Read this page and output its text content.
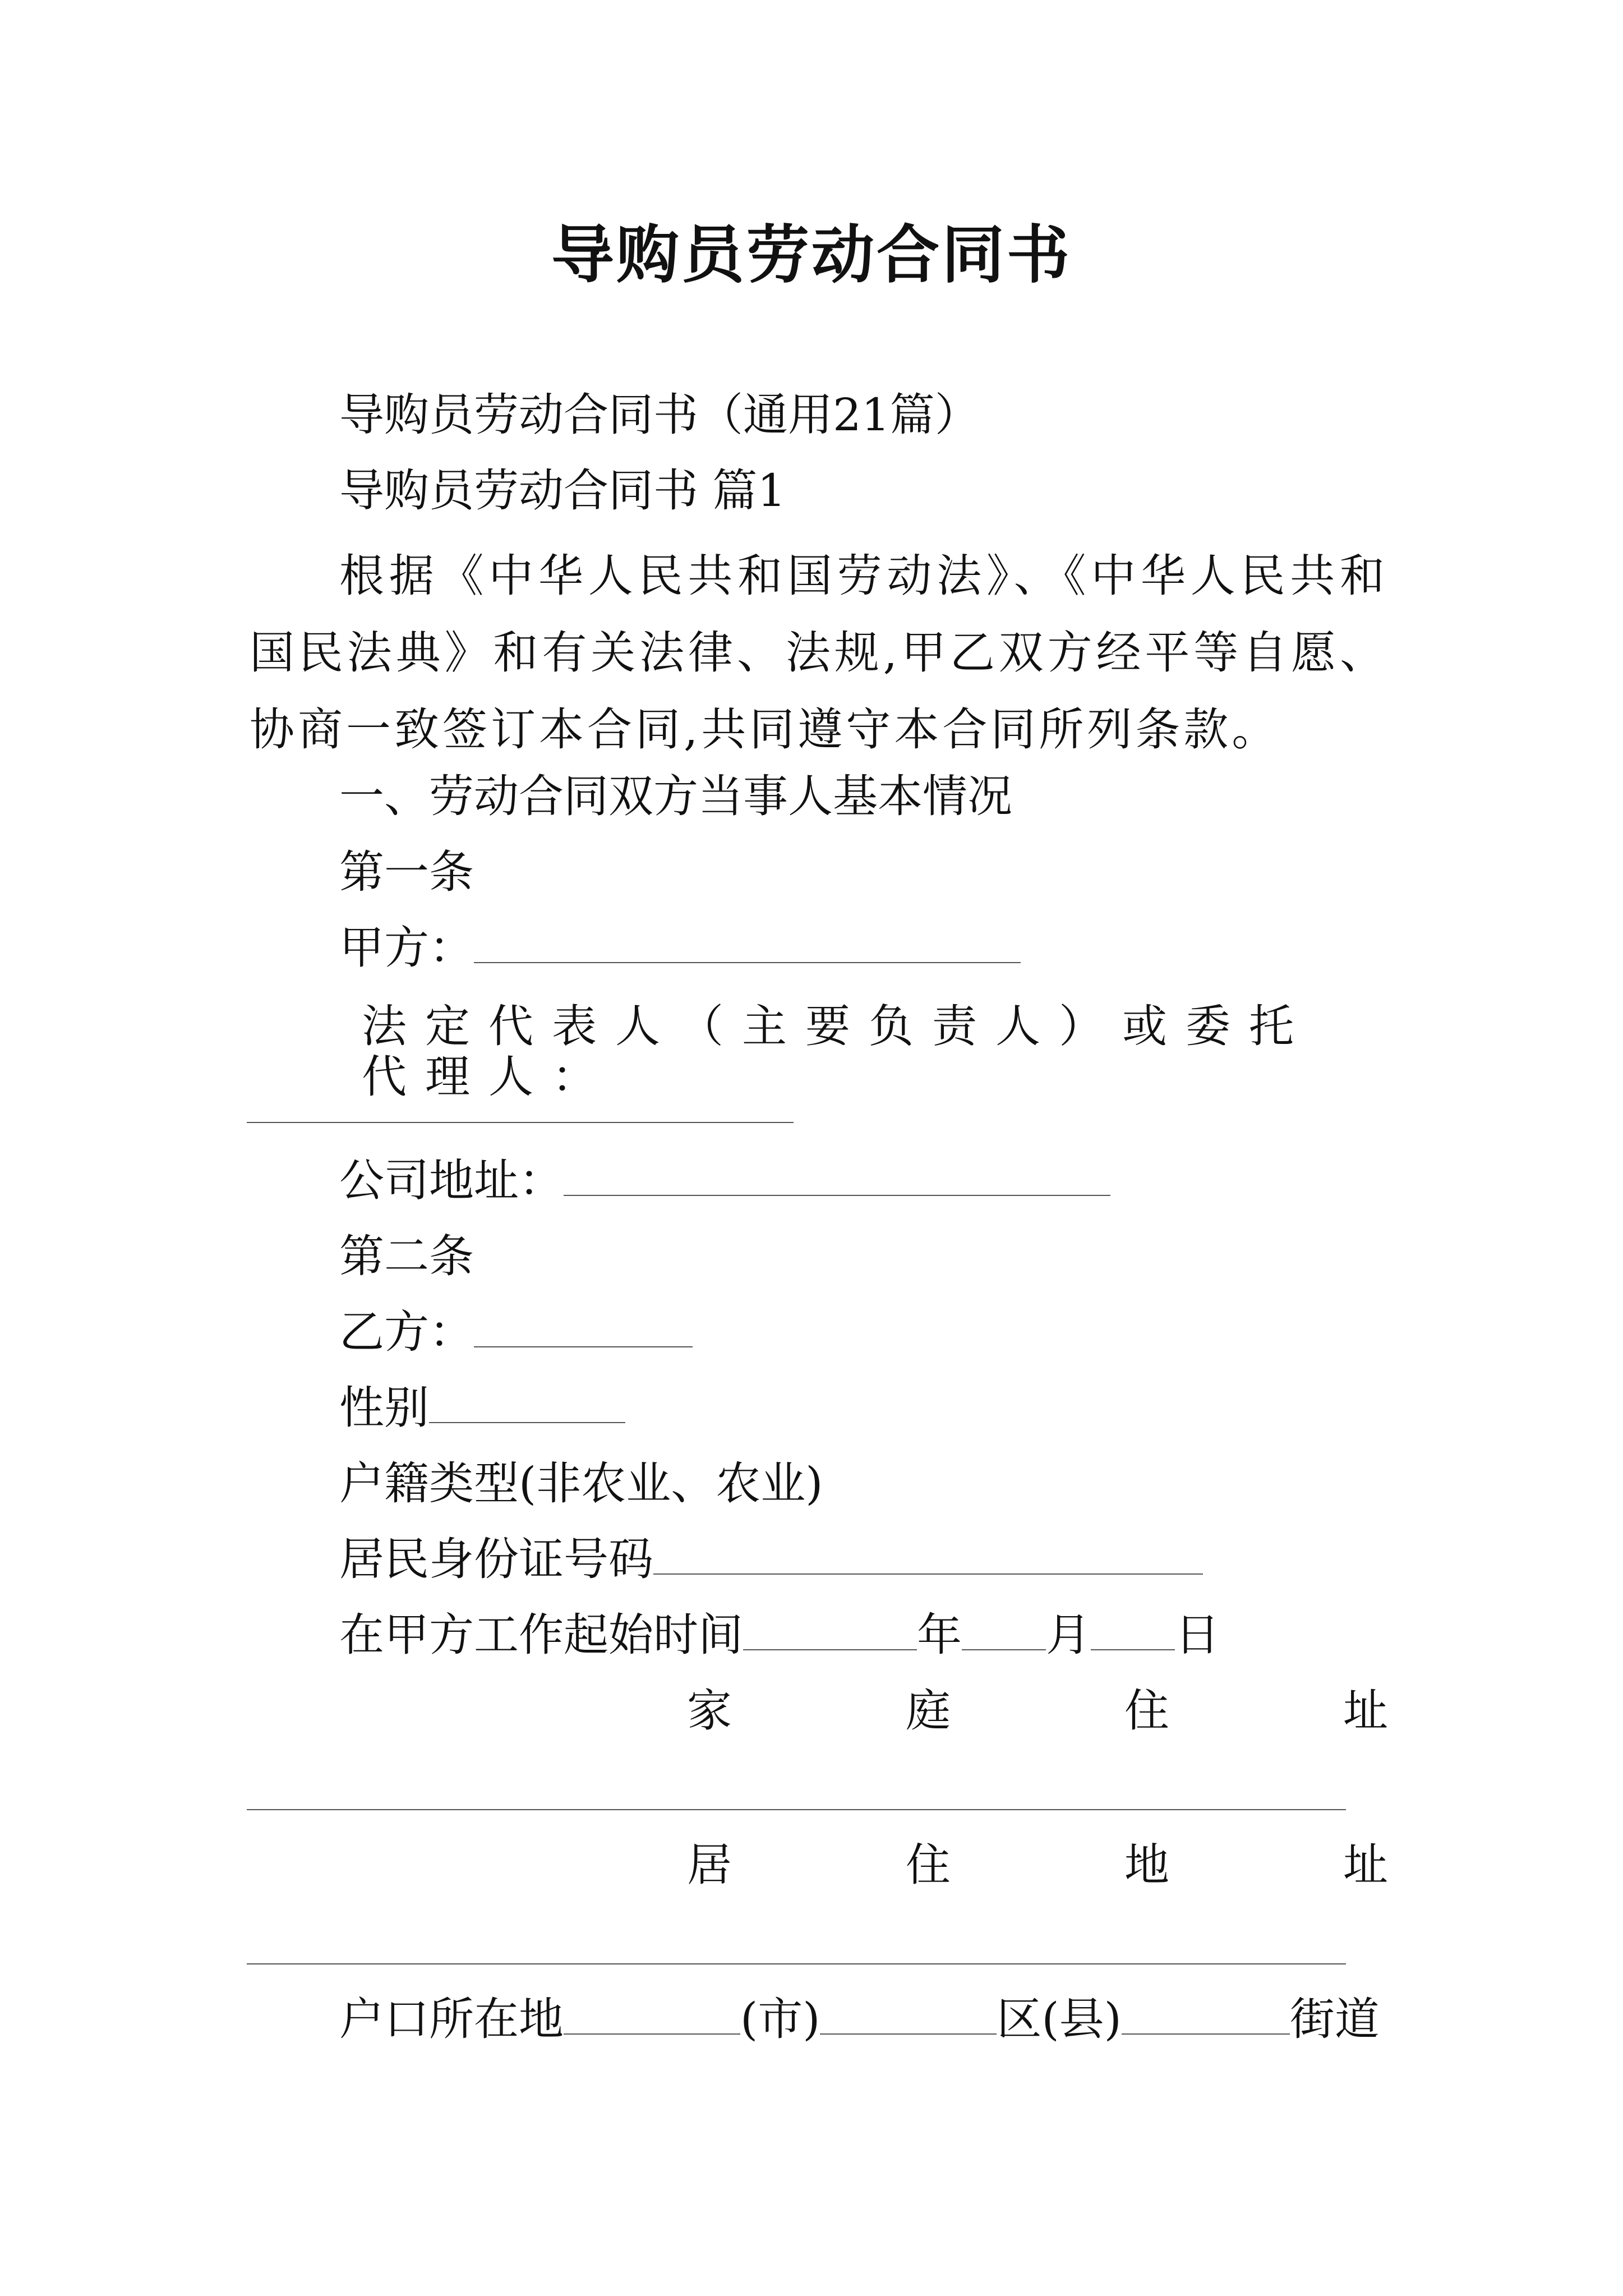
导购员劳动合同书
导购员劳动合同书（通用21篇）
导购员劳动合同书 篇1
根据《中华人民共和国劳动法》、《中华人民共和国民法典》和有关法律、法规,甲乙双方经平等自愿、协商一致签订本合同,共同遵守本合同所列条款。
一、劳动合同双方当事人基本情况
第一条
甲方：
法定代表人（主要负责人）或委托代理人：
公司地址：
第二条
乙方：
性别
户籍类型(非农业、农业)
居民身份证号码
在甲方工作起始时间	年 月 日
家	庭	住	址
居	住	地	址
户口所在地	(市)	区(县)	街道
